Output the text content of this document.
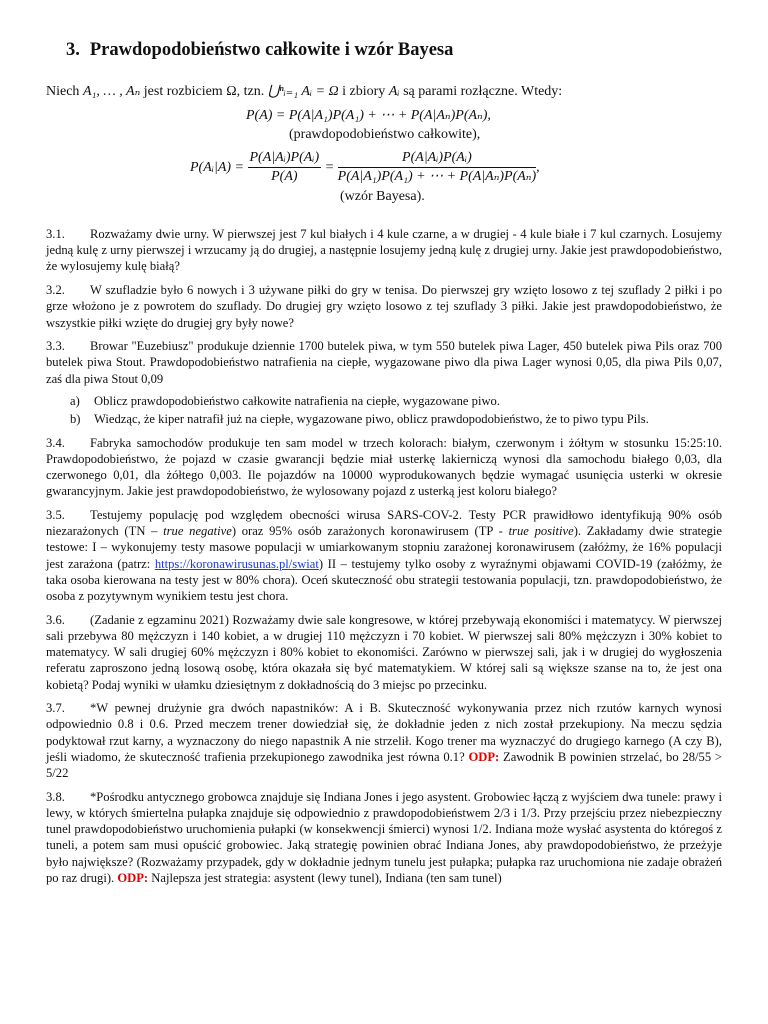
3. Prawdopodobieństwo całkowite i wzór Bayesa
Niech A₁, … , Aₙ jest rozbiciem Ω, tzn. ⋃ⁿᵢ₌₁ Aᵢ = Ω i zbiory Aᵢ są parami rozłączne. Wtedy:
P(A) = P(A|A₁)P(A₁) + ⋯ + P(A|Aₙ)P(Aₙ),
(prawdopodobieństwo całkowite),
P(Aᵢ|A) = $\frac{\text{P(A|Aᵢ)P(Aᵢ)}}{P(A)} = \frac{\text{P(A|Aᵢ)P(Aᵢ)}}{\text{P(A|A₁)P(A₁) + ⋯ + P(A|Aₙ)P(Aₙ)}}$ ,
(wzór Bayesa).

3.1. Rozważamy dwie urny. W pierwszej jest 7 kul białych i 4 kule czarne, a w drugiej - 4 kule białe i 7 kul czarnych. Losujemy jedną kulę z urny pierwszej i wrzucamy ją do drugiej, a następnie losujemy jedną kulę z drugiej urny. Jakie jest prawdopodobieństwo, że wylosujemy kulę białą?

3.2. W szufladzie było 6 nowych i 3 używane piłki do gry w tenisa. Do pierwszej gry wzięto losowo z tej szuflady 2 piłki i po grze włożono je z powrotem do szuflady. Do drugiej gry wzięto losowo z tej szuflady 3 piłki. Jakie jest prawdopodobieństwo, że wszystkie piłki wzięte do drugiej gry były nowe?

3.3. Browar "Euzebiusz" produkuje dziennie 1700 butelek piwa, w tym 550 butelek piwa Lager, 450 butelek piwa Pils oraz 700 butelek piwa Stout. Prawdopodobieństwo natrafienia na ciepłe, wygazowane piwo dla piwa Lager wynosi 0,05, dla piwa Pils 0,07, zaś dla piwa Stout 0,09
a)	Oblicz prawdopodobieństwo całkowite natrafienia na ciepłe, wygazowane piwo.
b)	Wiedząc, że kiper natrafił już na ciepłe, wygazowane piwo, oblicz prawdopodobieństwo, że to piwo typu Pils.

3.4. Fabryka samochodów produkuje ten sam model w trzech kolorach: białym, czerwonym i żółtym w stosunku 15:25:10. Prawdopodobieństwo, że pojazd w czasie gwarancji będzie miał usterkę lakierniczą wynosi dla samochodu białego 0,03, dla czerwonego 0,01, dla żółtego 0,003. Ile pojazdów na 10000 wyprodukowanych będzie wymagać usunięcia usterki w okresie gwarancyjnym. Jakie jest prawdopodobieństwo, że wylosowany pojazd z usterką jest koloru białego?

3.5. Testujemy populację pod względem obecności wirusa SARS-COV-2. Testy PCR prawidłowo identyfikują 90% osób niezarażonych (TN – true negative) oraz 95% osób zarażonych koronawirusem (TP - true positive). Zakładamy dwie strategie testowe: I – wykonujemy testy masowe populacji w umiarkowanym stopniu zarażonej koronawirusem (załóżmy, że 16% populacji jest zarażona (patrz: https://koronawirusunas.pl/swiat) II – testujemy tylko osoby z wyraźnymi objawami COVID-19 (załóżmy, że taka osoba kierowana na testy jest w 80% chora). Oceń skuteczność obu strategii testowania populacji, tzn. prawdopodobieństwo, że osoba z pozytywnym wynikiem testu jest chora.

3.6. (Zadanie z egzaminu 2021) Rozważamy dwie sale kongresowe, w której przebywają ekonomiści i matematycy. W pierwszej sali przebywa 80 mężczyzn i 140 kobiet, a w drugiej 110 mężczyzn i 70 kobiet. W pierwszej sali 80% mężczyzn i 30% kobiet to matematycy. W sali drugiej 60% mężczyzn i 80% kobiet to ekonomiści. Zarówno w pierwszej sali, jak i w drugiej do wygłoszenia referatu zaproszono jedną losową osobę, która okazała się być matematykiem. W której sali są większe szanse na to, że jest ona kobietą? Podaj wyniki w ułamku dziesiętnym z dokładnością do 3 miejsc po przecinku.

3.7. *W pewnej drużynie gra dwóch napastników: A i B. Skuteczność wykonywania przez nich rzutów karnych wynosi odpowiednio 0.8 i 0.6. Przed meczem trener dowiedział się, że dokładnie jeden z nich został przekupiony. Na meczu sędzia podyktował rzut karny, a wyznaczony do niego napastnik A nie strzelił. Kogo trener ma wyznaczyć do drugiego karnego (A czy B), jeśli wiadomo, że skuteczność trafienia przekupionego zawodnika jest równa 0.1? ODP: Zawodnik B powinien strzelać, bo 28/55 > 5/22

3.8. *Pośrodku antycznego grobowca znajduje się Indiana Jones i jego asystent. Grobowiec łączą z wyjściem dwa tunele: prawy i lewy, w których śmiertelna pułapka znajduje się odpowiednio z prawdopodobieństwem 2/3 i 1/3. Przy przejściu przez niebezpieczny tunel prawdopodobieństwo uruchomienia pułapki (w konsekwencji śmierci) wynosi 1/2. Indiana może wysłać asystenta do któregoś z tuneli, a potem sam musi opuścić grobowiec. Jaką strategię powinien obrać Indiana Jones, aby prawdopodobieństwo, że przeżyje było największe? (Rozważamy przypadek, gdy w dokładnie jednym tunelu jest pułapka; pułapka raz uruchomiona nie zadaje obrażeń po raz drugi). ODP: Najlepsza jest strategia: asystent (lewy tunel), Indiana (ten sam tunel)
